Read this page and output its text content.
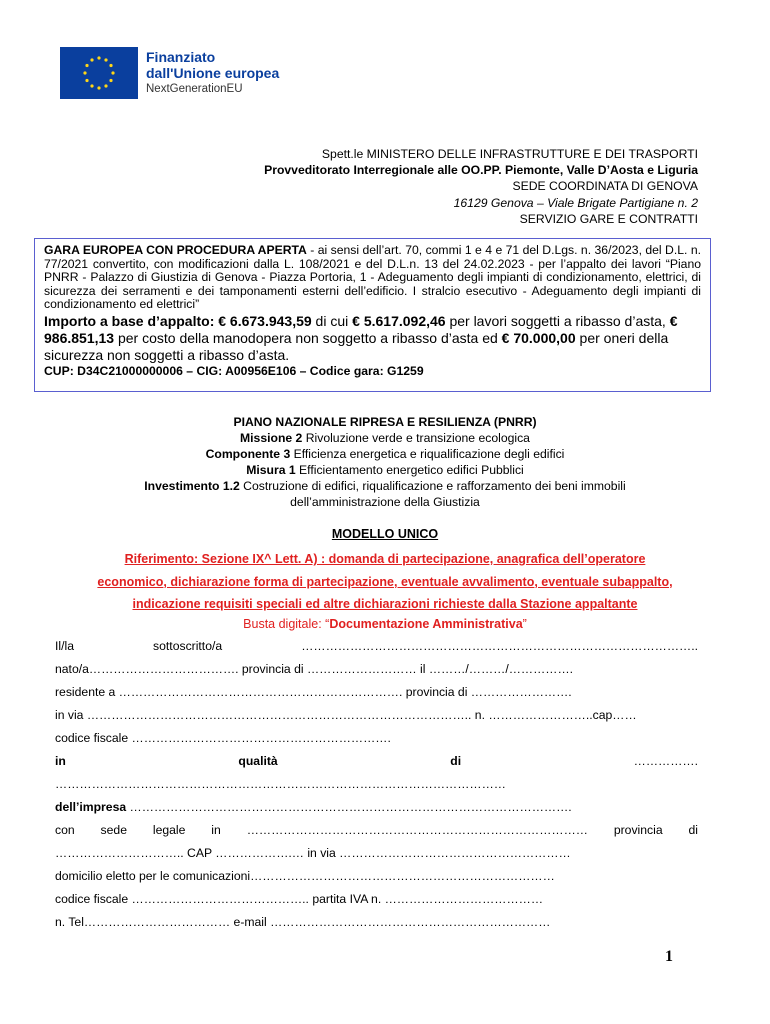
Finanziato
dall'Unione europea
NextGenerationEU
Spett.le MINISTERO DELLE INFRASTRUTTURE E DEI TRASPORTI
Provveditorato Interregionale alle OO.PP. Piemonte, Valle D’Aosta e Liguria
SEDE COORDINATA DI GENOVA
16129 Genova – Viale Brigate Partigiane n. 2
SERVIZIO GARE E CONTRATTI
GARA EUROPEA CON PROCEDURA APERTA - ai sensi dell’art. 70, commi 1 e 4 e 71 del D.Lgs. n. 36/2023, del D.L. n. 77/2021 convertito, con modificazioni dalla L. 108/2021 e del D.L.n. 13 del 24.02.2023 - per l’appalto dei lavori “Piano PNRR - Palazzo di Giustizia di Genova - Piazza Portoria, 1 - Adeguamento degli impianti di condizionamento, elettrici, di sicurezza dei serramenti e dei tamponamenti esterni dell’edificio. I stralcio esecutivo - Adeguamento degli impianti di condizionamento ed elettrici”
Importo a base d’appalto: € 6.673.943,59 di cui € 5.617.092,46 per lavori soggetti a ribasso d’asta, € 986.851,13 per costo della manodopera non soggetto a ribasso d’asta ed € 70.000,00 per oneri della sicurezza non soggetti a ribasso d’asta.
CUP: D34C21000000006 – CIG: A00956E106 – Codice gara: G1259
PIANO NAZIONALE RIPRESA E RESILIENZA (PNRR)
Missione 2 Rivoluzione verde e transizione ecologica
Componente 3 Efficienza energetica e riqualificazione degli edifici
Misura 1 Efficientamento energetico edifici Pubblici
Investimento 1.2 Costruzione di edifici, riqualificazione e rafforzamento dei beni immobili
dell’amministrazione della Giustizia
MODELLO UNICO
Riferimento: Sezione IX^ Lett. A) : domanda di partecipazione, anagrafica dell’operatore
economico, dichiarazione forma di partecipazione, eventuale avvalimento, eventuale subappalto,
indicazione requisiti speciali ed altre dichiarazioni richieste dalla Stazione appaltante
Busta digitale: “Documentazione Amministrativa”
Il/la	sottoscritto/a	……………………………………………………………………………………..
nato/a………………………………. provincia di ……………………… il ………/………/…………….
residente a ……………………………………………………………. provincia di …………………….
in via ………………………………………………………………………………….. n. ……………………..cap……
codice fiscale ……………………………………………………….
in	qualità	di	…………….
…………………………………………………………………………………………………
dell’impresa ……………………………………………………………………………………………….
con sede legale in ………………………………………………………………………… provincia di
………………………….. CAP ……………….… in via …………………………………………………
domicilio eletto per le comunicazioni…………………………………………………………………
codice fiscale …………………………………….. partita IVA n. …………………………………
n. Tel……………………………… e-mail ……………………………………………………………
1
